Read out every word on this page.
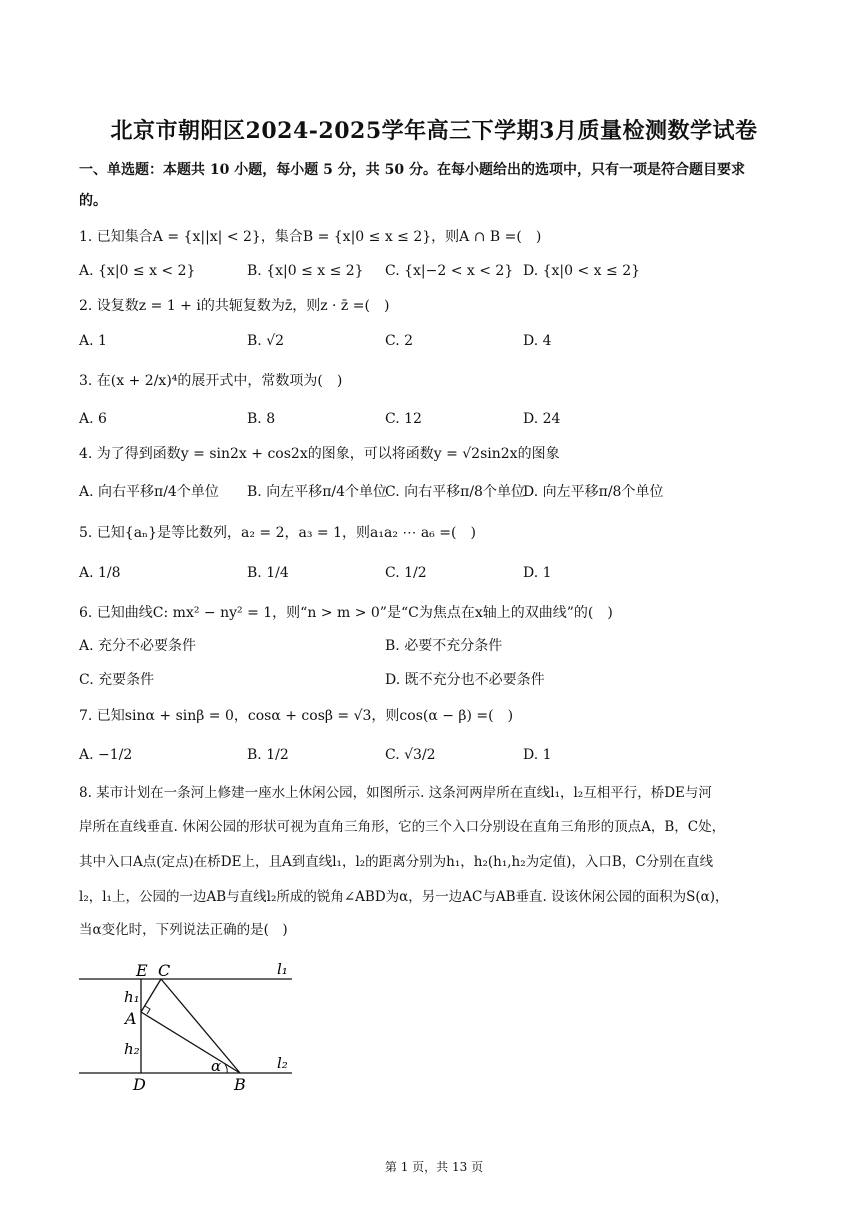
北京市朝阳区2024-2025学年高三下学期3月质量检测数学试卷
一、单选题：本题共 10 小题，每小题 5 分，共 50 分。在每小题给出的选项中，只有一项是符合题目要求
的。
1. 已知集合A = {x||x| < 2}，集合B = {x|0 ≤ x ≤ 2}，则A ∩ B =(　)
A. {x|0 ≤ x < 2}	B. {x|0 ≤ x ≤ 2} C. {x|−2 < x < 2} D. {x|0 < x ≤ 2}
2. 设复数z = 1 + i的共轭复数为z̄，则z · z̄ =(　)
A. 1	B. √2	C. 2	D. 4
3. 在(x + 2/x)⁴的展开式中，常数项为(　)
A. 6	B. 8	C. 12	D. 24
4. 为了得到函数y = sin2x + cos2x的图象，可以将函数y = √2sin2x的图象
A. 向右平移π/4个单位 B. 向左平移π/4个单位
C. 向右平移π/8个单位
D. 向左平移π/8个单位
5. 已知{aₙ}是等比数列，a₂ = 2，a₃ = 1，则a₁a₂ ⋯ a₆ =(　)
A. 1/8	B. 1/4	C. 1/2	D. 1
6. 已知曲线C: mx² − ny² = 1，则“n > m > 0”是“C为焦点在x轴上的双曲线”的(　)
A. 充分不必要条件	B. 必要不充分条件
C. 充要条件	D. 既不充分也不必要条件
7. 已知sinα + sinβ = 0，cosα + cosβ = √3，则cos(α − β) =(　)
A. −1/2	B. 1/2	C. √3/2	D. 1
8. 某市计划在一条河上修建一座水上休闲公园，如图所示. 这条河两岸所在直线l₁，l₂互相平行，桥DE与河
岸所在直线垂直. 休闲公园的形状可视为直角三角形，它的三个入口分别设在直角三角形的顶点A，B，C处，
其中入口A点(定点)在桥DE上，且A到直线l₁，l₂的距离分别为h₁，h₂(h₁,h₂为定值)，入口B，C分别在直线
l₂，l₁上，公园的一边AB与直线l₂所成的锐角∠ABD为α，另一边AC与AB垂直. 设该休闲公园的面积为S(α)，
当α变化时，下列说法正确的是(　)
E C	l₁
h₁
A
h₂
α	l₂
D	B
第 1 页，共 13 页
